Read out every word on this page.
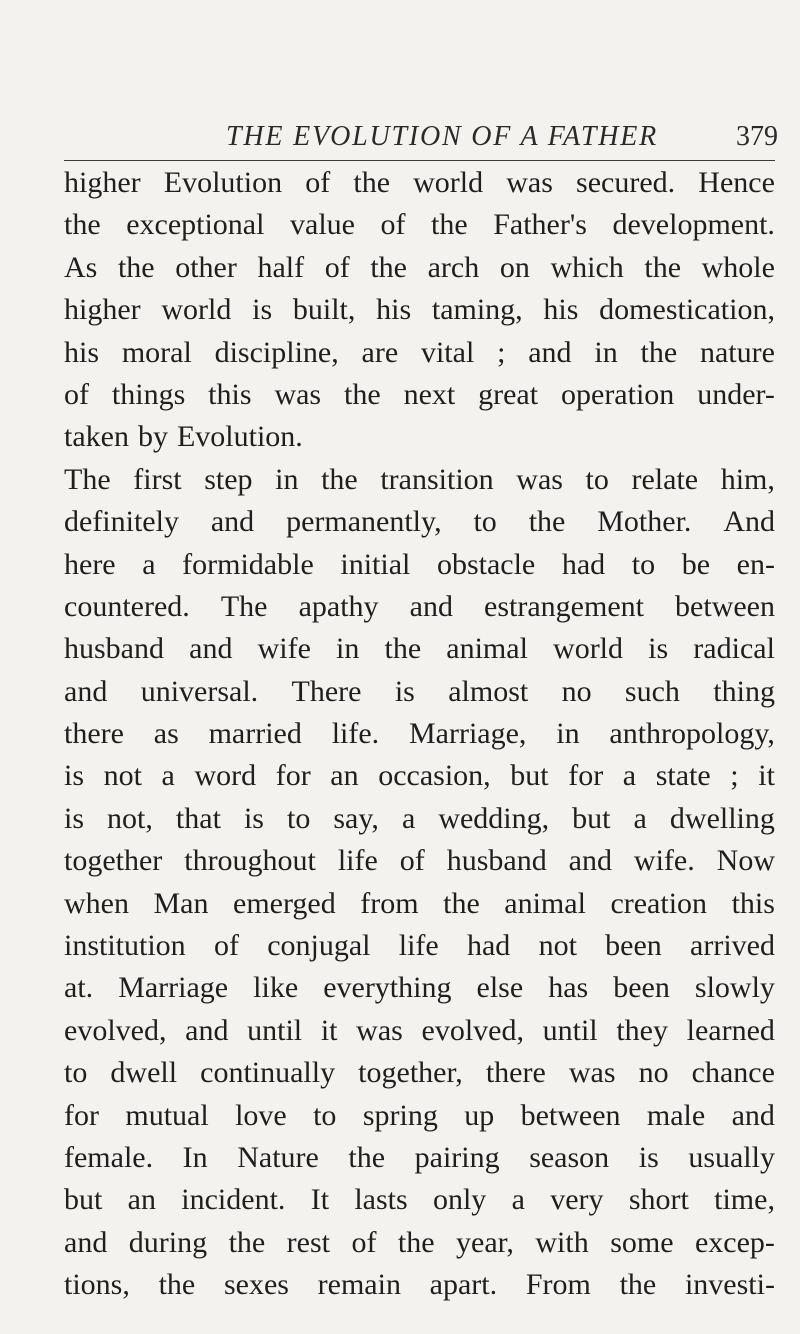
THE EVOLUTION OF A FATHER	379
higher Evolution of the world was secured. Hence
the exceptional value of the Father's development.
As the other half of the arch on which the whole
higher world is built, his taming, his domestication,
his moral discipline, are vital ; and in the nature
of things this was the next great operation under-
taken by Evolution.
The first step in the transition was to relate him,
definitely and permanently, to the Mother. And
here a formidable initial obstacle had to be en-
countered. The apathy and estrangement between
husband and wife in the animal world is radical
and universal. There is almost no such thing
there as married life. Marriage, in anthropology,
is not a word for an occasion, but for a state ; it
is not, that is to say, a wedding, but a dwelling
together throughout life of husband and wife. Now
when Man emerged from the animal creation this
institution of conjugal life had not been arrived
at. Marriage like everything else has been slowly
evolved, and until it was evolved, until they learned
to dwell continually together, there was no chance
for mutual love to spring up between male and
female. In Nature the pairing season is usually
but an incident. It lasts only a very short time,
and during the rest of the year, with some excep-
tions, the sexes remain apart. From the investi-
